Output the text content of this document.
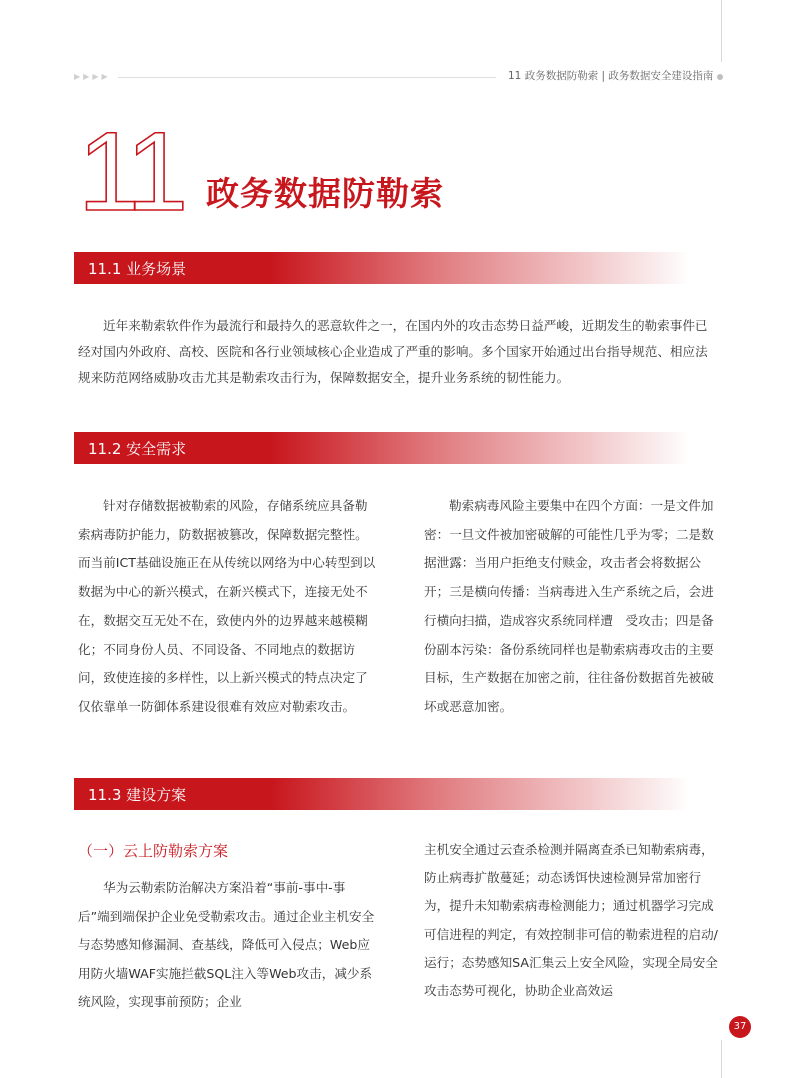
▶ ▶ ▶ ▶	11 政务数据防勒索 | 政务数据安全建设指南
11 政务数据防勒索
11.1 业务场景

近年来勒索软件作为最流行和最持久的恶意软件之一，在国内外的攻击态势日益严峻，近期发生的勒索事件已经对国内外政府、高校、医院和各行业领域核心企业造成了严重的影响。多个国家开始通过出台指导规范、相应法规来防范网络威胁攻击尤其是勒索攻击行为，保障数据安全，提升业务系统的韧性能力。

11.2 安全需求

针对存储数据被勒索的风险，存储系统应具备勒索病毒防护能力，防数据被篡改，保障数据完整性。而当前ICT基础设施正在从传统以网络为中心转型到以数据为中心的新兴模式，在新兴模式下，连接无处不在，数据交互无处不在，致使内外的边界越来越模糊化；不同身份人员、不同设备、不同地点的数据访问，致使连接的多样性，以上新兴模式的特点决定了仅依靠单一防御体系建设很难有效应对勒索攻击。

勒索病毒风险主要集中在四个方面：一是文件加密：一旦文件被加密破解的可能性几乎为零；二是数据泄露：当用户拒绝支付赎金，攻击者会将数据公开；三是横向传播：当病毒进入生产系统之后，会进行横向扫描，造成容灾系统同样遭　受攻击；四是备份副本污染：备份系统同样也是勒索病毒攻击的主要目标，生产数据在加密之前，往往备份数据首先被破 坏或恶意加密。

11.3 建设方案
（一）云上防勒索方案

华为云勒索防治解决方案沿着“事前-事中-事后”端到端保护企业免受勒索攻击。通过企业主机安全与态势感知修漏洞、查基线，降低可入侵点；Web应用防火墙WAF实施拦截SQL注入等Web攻击，减少系统风险，实现事前预防；企业

主机安全通过云查杀检测并隔离查杀已知勒索病毒，防止病毒扩散蔓延；动态诱饵快速检测异常加密行为，提升未知勒索病毒检测能力；通过机器学习完成可信进程的判定，有效控制非可信的勒索进程的启动/运行；态势感知SA汇集云上安全风险，实现全局安全攻击态势可视化，协助企业高效运

37
